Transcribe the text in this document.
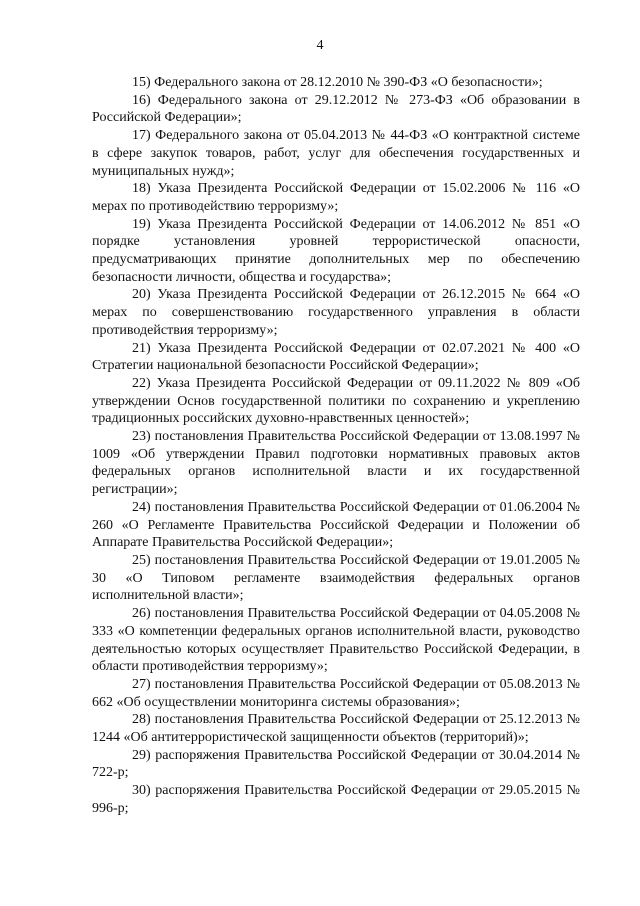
4

15) Федерального закона от 28.12.2010 № 390-ФЗ «О безопасности»;

16) Федерального закона от 29.12.2012 № 273-ФЗ «Об образовании в Российской Федерации»;

17) Федерального закона от 05.04.2013 № 44-ФЗ «О контрактной системе в сфере закупок товаров, работ, услуг для обеспечения государственных и муниципальных нужд»;

18) Указа Президента Российской Федерации от 15.02.2006 № 116 «О мерах по противодействию терроризму»;

19) Указа Президента Российской Федерации от 14.06.2012 № 851 «О порядке установления уровней террористической опасности, предусматривающих принятие дополнительных мер по обеспечению безопасности личности, общества и государства»;

20) Указа Президента Российской Федерации от 26.12.2015 № 664 «О мерах по совершенствованию государственного управления в области противодействия терроризму»;

21) Указа Президента Российской Федерации от 02.07.2021 № 400 «О Стратегии национальной безопасности Российской Федерации»;

22) Указа Президента Российской Федерации от 09.11.2022 № 809 «Об утверждении Основ государственной политики по сохранению и укреплению традиционных российских духовно-нравственных ценностей»;

23) постановления Правительства Российской Федерации от 13.08.1997 № 1009 «Об утверждении Правил подготовки нормативных правовых актов федеральных органов исполнительной власти и их государственной регистрации»;

24) постановления Правительства Российской Федерации от 01.06.2004 № 260 «О Регламенте Правительства Российской Федерации и Положении об Аппарате Правительства Российской Федерации»;

25) постановления Правительства Российской Федерации от 19.01.2005 № 30 «О Типовом регламенте взаимодействия федеральных органов исполнительной власти»;

26) постановления Правительства Российской Федерации от 04.05.2008 № 333 «О компетенции федеральных органов исполнительной власти, руководство деятельностью которых осуществляет Правительство Российской Федерации, в области противодействия терроризму»;

27) постановления Правительства Российской Федерации от 05.08.2013 № 662 «Об осуществлении мониторинга системы образования»;

28) постановления Правительства Российской Федерации от 25.12.2013 № 1244 «Об антитеррористической защищенности объектов (территорий)»;

29) распоряжения Правительства Российской Федерации от 30.04.2014 № 722-р;

30) распоряжения Правительства Российской Федерации от 29.05.2015 № 996-р;
